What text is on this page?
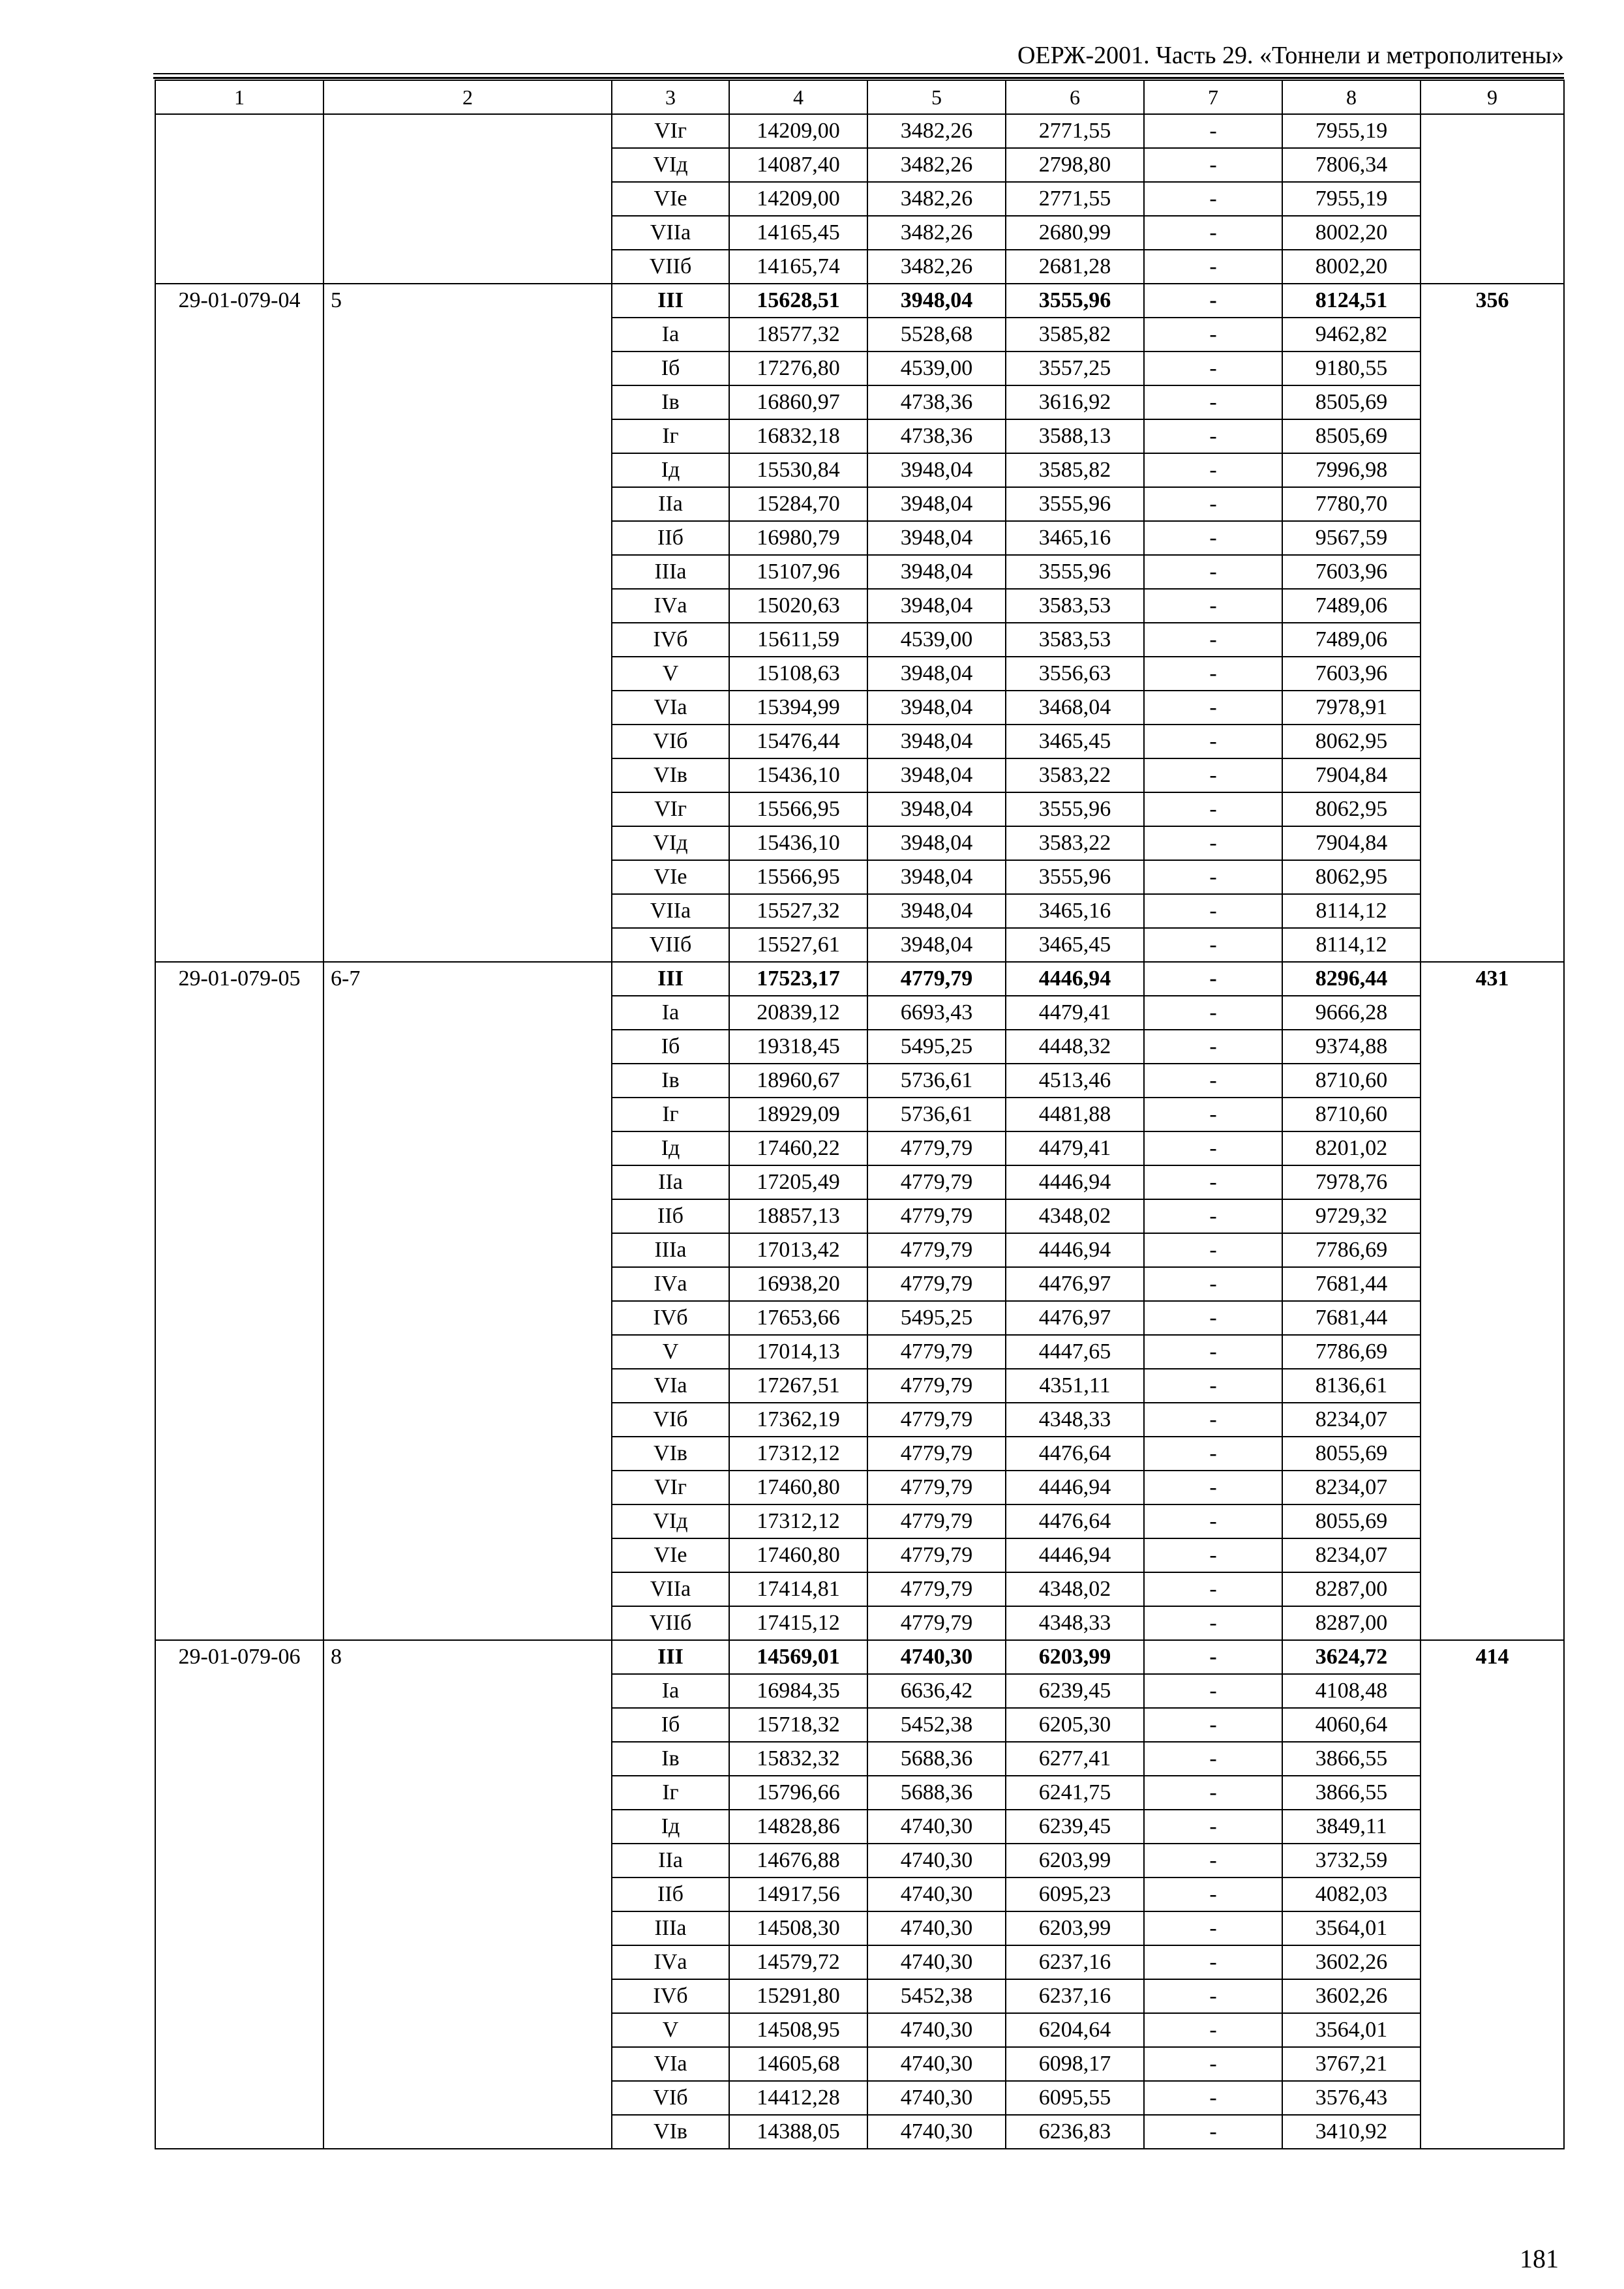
ОЕРЖ-2001. Часть 29. «Тоннели и метрополитены»
1	2	3	4	5	6	7	8	9
		VIг	14209,00	3482,26	2771,55	-	7955,19	
		VIд	14087,40	3482,26	2798,80	-	7806,34	
		VIе	14209,00	3482,26	2771,55	-	7955,19	
		VIIа	14165,45	3482,26	2680,99	-	8002,20	
		VIIб	14165,74	3482,26	2681,28	-	8002,20	
29-01-079-04	5	III	15628,51	3948,04	3555,96	-	8124,51	356
		Iа	18577,32	5528,68	3585,82	-	9462,82	
		Iб	17276,80	4539,00	3557,25	-	9180,55	
		Iв	16860,97	4738,36	3616,92	-	8505,69	
		Iг	16832,18	4738,36	3588,13	-	8505,69	
		Iд	15530,84	3948,04	3585,82	-	7996,98	
		IIа	15284,70	3948,04	3555,96	-	7780,70	
		IIб	16980,79	3948,04	3465,16	-	9567,59	
		IIIа	15107,96	3948,04	3555,96	-	7603,96	
		IVа	15020,63	3948,04	3583,53	-	7489,06	
		IVб	15611,59	4539,00	3583,53	-	7489,06	
		V	15108,63	3948,04	3556,63	-	7603,96	
		VIа	15394,99	3948,04	3468,04	-	7978,91	
		VIб	15476,44	3948,04	3465,45	-	8062,95	
		VIв	15436,10	3948,04	3583,22	-	7904,84	
		VIг	15566,95	3948,04	3555,96	-	8062,95	
		VIд	15436,10	3948,04	3583,22	-	7904,84	
		VIе	15566,95	3948,04	3555,96	-	8062,95	
		VIIа	15527,32	3948,04	3465,16	-	8114,12	
		VIIб	15527,61	3948,04	3465,45	-	8114,12	
29-01-079-05	6-7	III	17523,17	4779,79	4446,94	-	8296,44	431
		Iа	20839,12	6693,43	4479,41	-	9666,28	
		Iб	19318,45	5495,25	4448,32	-	9374,88	
		Iв	18960,67	5736,61	4513,46	-	8710,60	
		Iг	18929,09	5736,61	4481,88	-	8710,60	
		Iд	17460,22	4779,79	4479,41	-	8201,02	
		IIа	17205,49	4779,79	4446,94	-	7978,76	
		IIб	18857,13	4779,79	4348,02	-	9729,32	
		IIIа	17013,42	4779,79	4446,94	-	7786,69	
		IVа	16938,20	4779,79	4476,97	-	7681,44	
		IVб	17653,66	5495,25	4476,97	-	7681,44	
		V	17014,13	4779,79	4447,65	-	7786,69	
		VIа	17267,51	4779,79	4351,11	-	8136,61	
		VIб	17362,19	4779,79	4348,33	-	8234,07	
		VIв	17312,12	4779,79	4476,64	-	8055,69	
		VIг	17460,80	4779,79	4446,94	-	8234,07	
		VIд	17312,12	4779,79	4476,64	-	8055,69	
		VIе	17460,80	4779,79	4446,94	-	8234,07	
		VIIа	17414,81	4779,79	4348,02	-	8287,00	
		VIIб	17415,12	4779,79	4348,33	-	8287,00	
29-01-079-06	8	III	14569,01	4740,30	6203,99	-	3624,72	414
		Iа	16984,35	6636,42	6239,45	-	4108,48	
		Iб	15718,32	5452,38	6205,30	-	4060,64	
		Iв	15832,32	5688,36	6277,41	-	3866,55	
		Iг	15796,66	5688,36	6241,75	-	3866,55	
		Iд	14828,86	4740,30	6239,45	-	3849,11	
		IIа	14676,88	4740,30	6203,99	-	3732,59	
		IIб	14917,56	4740,30	6095,23	-	4082,03	
		IIIа	14508,30	4740,30	6203,99	-	3564,01	
		IVа	14579,72	4740,30	6237,16	-	3602,26	
		IVб	15291,80	5452,38	6237,16	-	3602,26	
		V	14508,95	4740,30	6204,64	-	3564,01	
		VIа	14605,68	4740,30	6098,17	-	3767,21	
		VIб	14412,28	4740,30	6095,55	-	3576,43	
		VIв	14388,05	4740,30	6236,83	-	3410,92	
181
